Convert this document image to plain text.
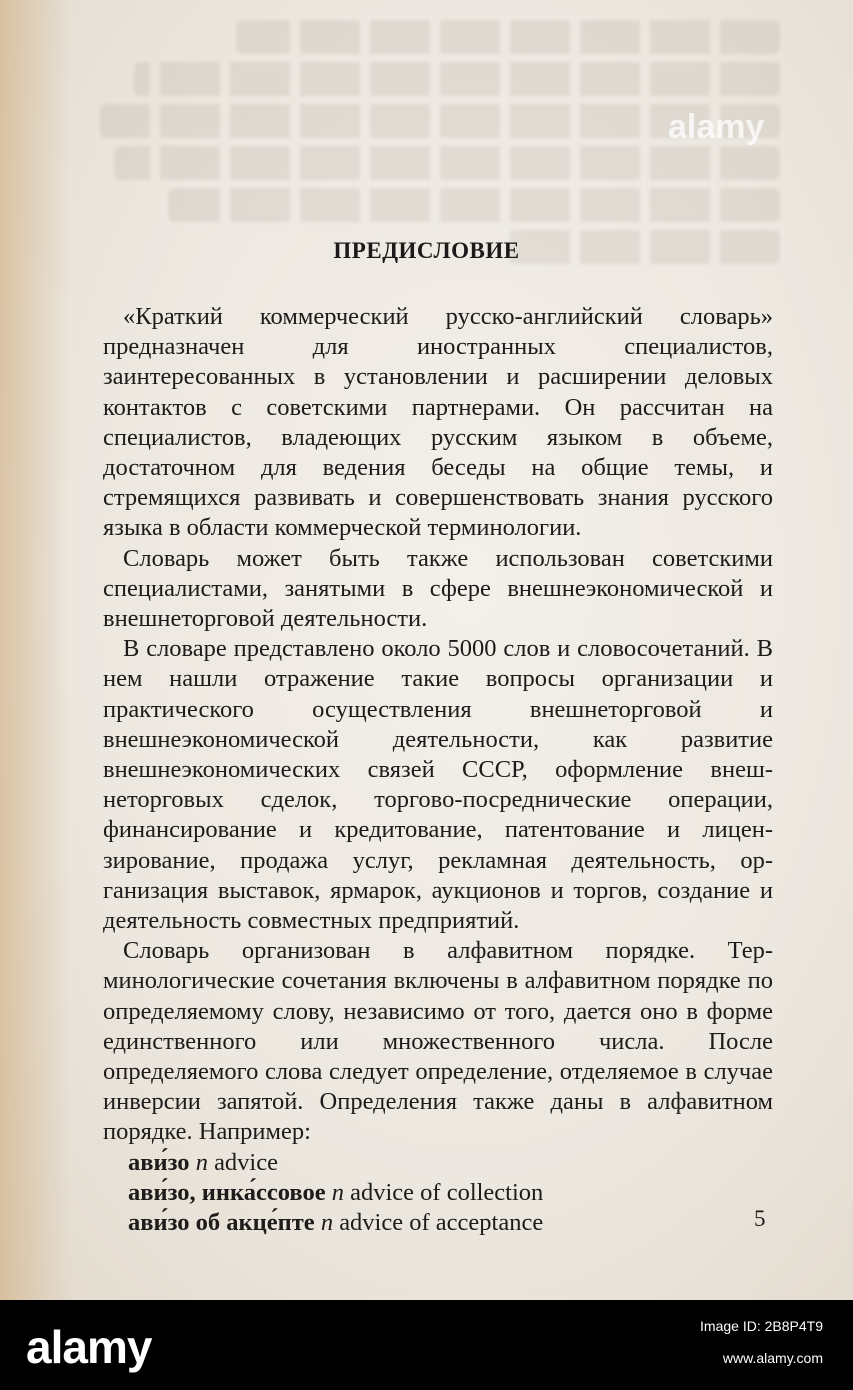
ПРЕДИСЛОВИЕ

«Краткий коммерческий русско-английский словарь» предназначен для иностранных специалистов, заинтересованных в установлении и расширении деловых контактов с советскими партнерами. Он рассчитан на специалистов, владеющих русским языком в объеме, достаточном для ведения беседы на общие темы, и стремящихся развивать и совершенствовать знания русского языка в области коммерческой терминологии.

Словарь может быть также использован советскими специалистами, занятыми в сфере внешнеэкономической и внешнеторговой деятельности.

В словаре представлено около 5000 слов и словосочетаний. В нем нашли отражение такие вопросы организации и практического осуществления внешнеторговой и внешнеэкономической деятельности, как развитие внешнеэкономических связей СССР, оформление внешнеторговых сделок, торгово-посреднические операции, финансирование и кредитование, патентование и лицензирование, продажа услуг, рекламная деятельность, организация выставок, ярмарок, аукционов и торгов, создание и деятельность совместных предприятий.

Словарь организован в алфавитном порядке. Терминологические сочетания включены в алфавитном порядке по определяемому слову, независимо от того, дается оно в форме единственного или множественного числа. После определяемого слова следует определение, отделяемое в случае инверсии запятой. Определения также даны в алфавитном порядке. Например:

ави́зо n advice

ави́зо, инка́ссовое n advice of collection

ави́зо об акце́пте n advice of acceptance	5
alamy
alamy	Image ID: 2B8P4T9
www.alamy.com
